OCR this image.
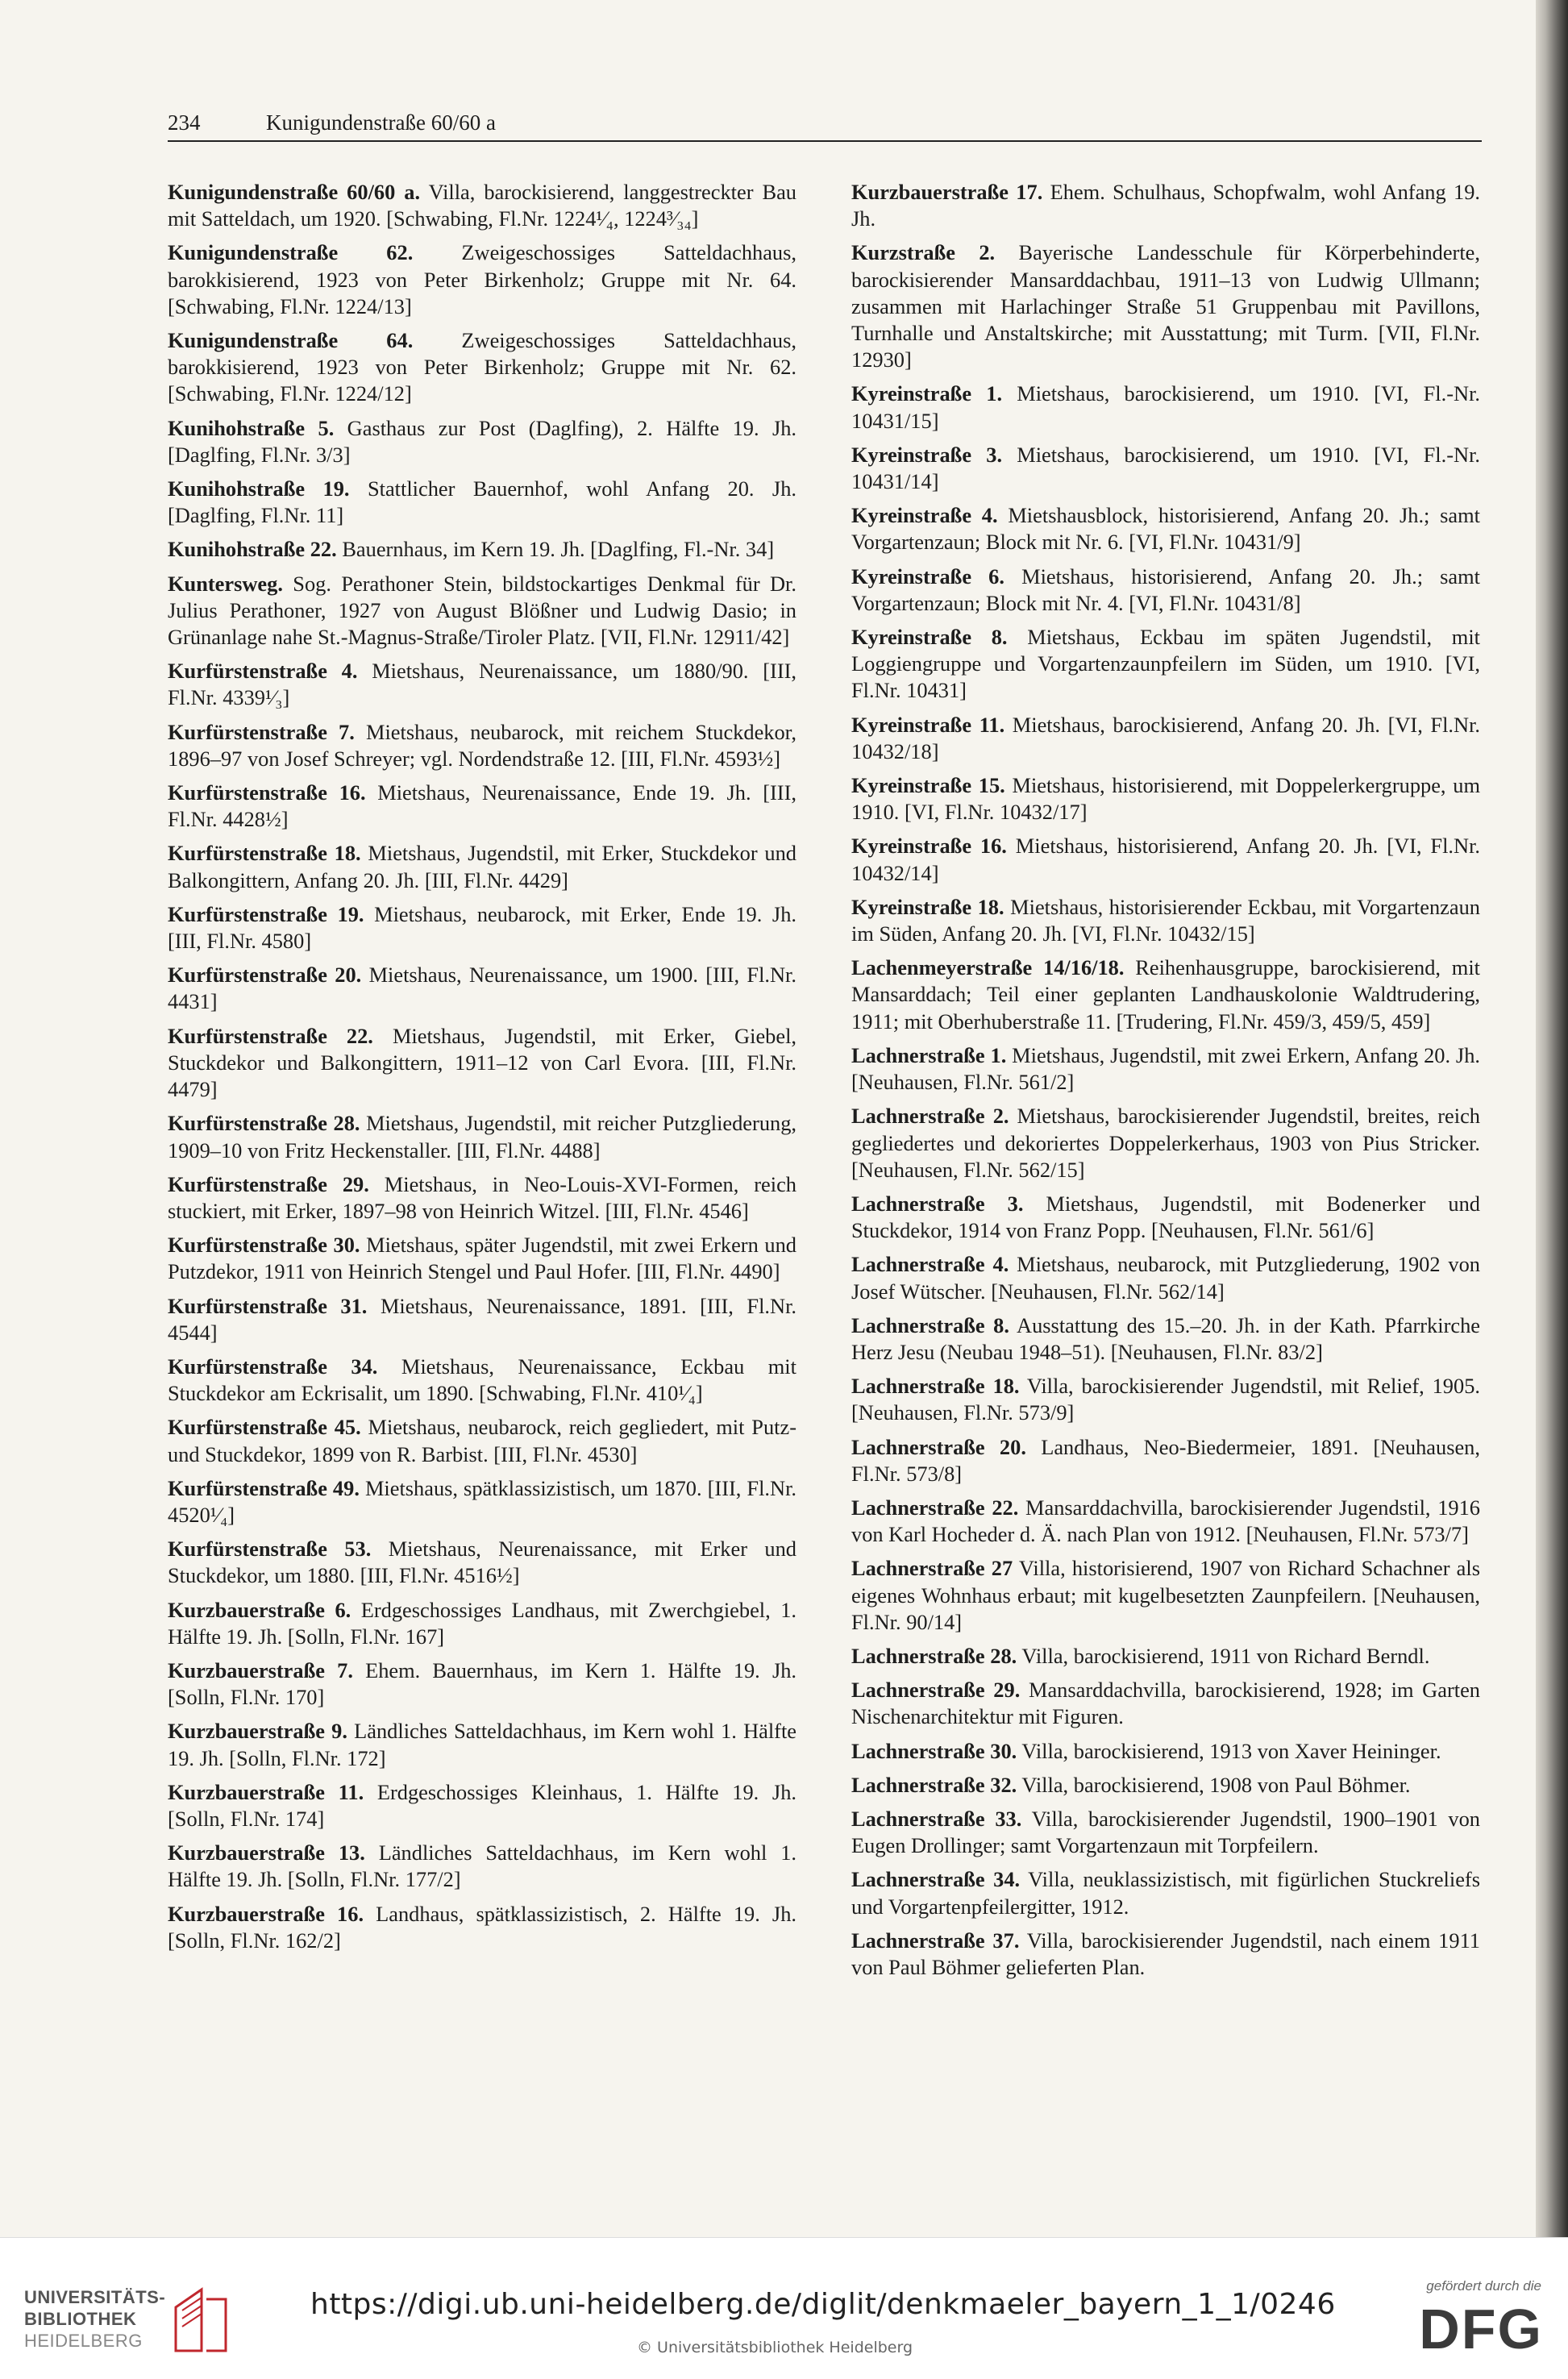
234	Kunigundenstraße 60/60 a
Kunigundenstraße 60/60 a. Villa, barockisierend, langgestreckter Bau mit Satteldach, um 1920. [Schwabing, Fl.Nr. 1224¹⁄₄, 1224³⁄₃₄]
Kunigundenstraße 62. Zweigeschossiges Satteldachhaus, barokkisierend, 1923 von Peter Birkenholz; Gruppe mit Nr. 64. [Schwabing, Fl.Nr. 1224/13]
Kunigundenstraße 64. Zweigeschossiges Satteldachhaus, barokkisierend, 1923 von Peter Birkenholz; Gruppe mit Nr. 62. [Schwabing, Fl.Nr. 1224/12]
Kunihohstraße 5. Gasthaus zur Post (Daglfing), 2. Hälfte 19. Jh. [Daglfing, Fl.Nr. 3/3]
Kunihohstraße 19. Stattlicher Bauernhof, wohl Anfang 20. Jh. [Daglfing, Fl.Nr. 11]
Kunihohstraße 22. Bauernhaus, im Kern 19. Jh. [Daglfing, Fl.-Nr. 34]
Kuntersweg. Sog. Perathoner Stein, bildstockartiges Denkmal für Dr. Julius Perathoner, 1927 von August Blößner und Ludwig Dasio; in Grünanlage nahe St.-Magnus-Straße/Tiroler Platz. [VII, Fl.Nr. 12911/42]
Kurfürstenstraße 4. Mietshaus, Neurenaissance, um 1880/90. [III, Fl.Nr. 4339¹⁄₃]
Kurfürstenstraße 7. Mietshaus, neubarock, mit reichem Stuckdekor, 1896–97 von Josef Schreyer; vgl. Nordendstraße 12. [III, Fl.Nr. 4593½]
Kurfürstenstraße 16. Mietshaus, Neurenaissance, Ende 19. Jh. [III, Fl.Nr. 4428½]
Kurfürstenstraße 18. Mietshaus, Jugendstil, mit Erker, Stuckdekor und Balkongittern, Anfang 20. Jh. [III, Fl.Nr. 4429]
Kurfürstenstraße 19. Mietshaus, neubarock, mit Erker, Ende 19. Jh. [III, Fl.Nr. 4580]
Kurfürstenstraße 20. Mietshaus, Neurenaissance, um 1900. [III, Fl.Nr. 4431]
Kurfürstenstraße 22. Mietshaus, Jugendstil, mit Erker, Giebel, Stuckdekor und Balkongittern, 1911–12 von Carl Evora. [III, Fl.Nr. 4479]
Kurfürstenstraße 28. Mietshaus, Jugendstil, mit reicher Putzgliederung, 1909–10 von Fritz Heckenstaller. [III, Fl.Nr. 4488]
Kurfürstenstraße 29. Mietshaus, in Neo-Louis-XVI-Formen, reich stuckiert, mit Erker, 1897–98 von Heinrich Witzel. [III, Fl.Nr. 4546]
Kurfürstenstraße 30. Mietshaus, später Jugendstil, mit zwei Erkern und Putzdekor, 1911 von Heinrich Stengel und Paul Hofer. [III, Fl.Nr. 4490]
Kurfürstenstraße 31. Mietshaus, Neurenaissance, 1891. [III, Fl.Nr. 4544]
Kurfürstenstraße 34. Mietshaus, Neurenaissance, Eckbau mit Stuckdekor am Eckrisalit, um 1890. [Schwabing, Fl.Nr. 410¹⁄₄]
Kurfürstenstraße 45. Mietshaus, neubarock, reich gegliedert, mit Putz- und Stuckdekor, 1899 von R. Barbist. [III, Fl.Nr. 4530]
Kurfürstenstraße 49. Mietshaus, spätklassizistisch, um 1870. [III, Fl.Nr. 4520¹⁄₄]
Kurfürstenstraße 53. Mietshaus, Neurenaissance, mit Erker und Stuckdekor, um 1880. [III, Fl.Nr. 4516½]
Kurzbauerstraße 6. Erdgeschossiges Landhaus, mit Zwerchgiebel, 1. Hälfte 19. Jh. [Solln, Fl.Nr. 167]
Kurzbauerstraße 7. Ehem. Bauernhaus, im Kern 1. Hälfte 19. Jh. [Solln, Fl.Nr. 170]
Kurzbauerstraße 9. Ländliches Satteldachhaus, im Kern wohl 1. Hälfte 19. Jh. [Solln, Fl.Nr. 172]
Kurzbauerstraße 11. Erdgeschossiges Kleinhaus, 1. Hälfte 19. Jh. [Solln, Fl.Nr. 174]
Kurzbauerstraße 13. Ländliches Satteldachhaus, im Kern wohl 1. Hälfte 19. Jh. [Solln, Fl.Nr. 177/2]
Kurzbauerstraße 16. Landhaus, spätklassizistisch, 2. Hälfte 19. Jh. [Solln, Fl.Nr. 162/2]
Kurzbauerstraße 17. Ehem. Schulhaus, Schopfwalm, wohl Anfang 19. Jh.
Kurzstraße 2. Bayerische Landesschule für Körperbehinderte, barockisierender Mansarddachbau, 1911–13 von Ludwig Ullmann; zusammen mit Harlachinger Straße 51 Gruppenbau mit Pavillons, Turnhalle und Anstaltskirche; mit Ausstattung; mit Turm. [VII, Fl.Nr. 12930]
Kyreinstraße 1. Mietshaus, barockisierend, um 1910. [VI, Fl.-Nr. 10431/15]
Kyreinstraße 3. Mietshaus, barockisierend, um 1910. [VI, Fl.-Nr. 10431/14]
Kyreinstraße 4. Mietshausblock, historisierend, Anfang 20. Jh.; samt Vorgartenzaun; Block mit Nr. 6. [VI, Fl.Nr. 10431/9]
Kyreinstraße 6. Mietshaus, historisierend, Anfang 20. Jh.; samt Vorgartenzaun; Block mit Nr. 4. [VI, Fl.Nr. 10431/8]
Kyreinstraße 8. Mietshaus, Eckbau im späten Jugendstil, mit Loggiengruppe und Vorgartenzaunpfeilern im Süden, um 1910. [VI, Fl.Nr. 10431]
Kyreinstraße 11. Mietshaus, barockisierend, Anfang 20. Jh. [VI, Fl.Nr. 10432/18]
Kyreinstraße 15. Mietshaus, historisierend, mit Doppelerkergruppe, um 1910. [VI, Fl.Nr. 10432/17]
Kyreinstraße 16. Mietshaus, historisierend, Anfang 20. Jh. [VI, Fl.Nr. 10432/14]
Kyreinstraße 18. Mietshaus, historisierender Eckbau, mit Vorgartenzaun im Süden, Anfang 20. Jh. [VI, Fl.Nr. 10432/15]
Lachenmeyerstraße 14/16/18. Reihenhausgruppe, barockisierend, mit Mansarddach; Teil einer geplanten Landhauskolonie Waldtrudering, 1911; mit Oberhuberstraße 11. [Trudering, Fl.Nr. 459/3, 459/5, 459]
Lachnerstraße 1. Mietshaus, Jugendstil, mit zwei Erkern, Anfang 20. Jh. [Neuhausen, Fl.Nr. 561/2]
Lachnerstraße 2. Mietshaus, barockisierender Jugendstil, breites, reich gegliedertes und dekoriertes Doppelerkerhaus, 1903 von Pius Stricker. [Neuhausen, Fl.Nr. 562/15]
Lachnerstraße 3. Mietshaus, Jugendstil, mit Bodenerker und Stuckdekor, 1914 von Franz Popp. [Neuhausen, Fl.Nr. 561/6]
Lachnerstraße 4. Mietshaus, neubarock, mit Putzgliederung, 1902 von Josef Wütscher. [Neuhausen, Fl.Nr. 562/14]
Lachnerstraße 8. Ausstattung des 15.–20. Jh. in der Kath. Pfarrkirche Herz Jesu (Neubau 1948–51). [Neuhausen, Fl.Nr. 83/2]
Lachnerstraße 18. Villa, barockisierender Jugendstil, mit Relief, 1905. [Neuhausen, Fl.Nr. 573/9]
Lachnerstraße 20. Landhaus, Neo-Biedermeier, 1891. [Neuhausen, Fl.Nr. 573/8]
Lachnerstraße 22. Mansarddachvilla, barockisierender Jugendstil, 1916 von Karl Hocheder d. Ä. nach Plan von 1912. [Neuhausen, Fl.Nr. 573/7]
Lachnerstraße 27 Villa, historisierend, 1907 von Richard Schachner als eigenes Wohnhaus erbaut; mit kugelbesetzten Zaunpfeilern. [Neuhausen, Fl.Nr. 90/14]
Lachnerstraße 28. Villa, barockisierend, 1911 von Richard Berndl.
Lachnerstraße 29. Mansarddachvilla, barockisierend, 1928; im Garten Nischenarchitektur mit Figuren.
Lachnerstraße 30. Villa, barockisierend, 1913 von Xaver Heininger.
Lachnerstraße 32. Villa, barockisierend, 1908 von Paul Böhmer.
Lachnerstraße 33. Villa, barockisierender Jugendstil, 1900–1901 von Eugen Drollinger; samt Vorgartenzaun mit Torpfeilern.
Lachnerstraße 34. Villa, neuklassizistisch, mit figürlichen Stuckreliefs und Vorgartenpfeilergitter, 1912.
Lachnerstraße 37. Villa, barockisierender Jugendstil, nach einem 1911 von Paul Böhmer gelieferten Plan.
UNIVERSITÄTS-
BIBLIOTHEK
HEIDELBERG
https://digi.ub.uni-heidelberg.de/diglit/denkmaeler_bayern_1_1/0246
© Universitätsbibliothek Heidelberg
gefördert durch die
DFG
